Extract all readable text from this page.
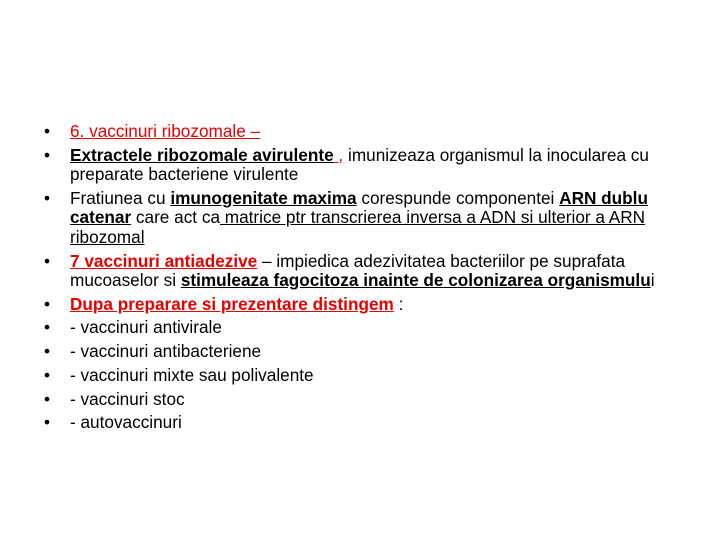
• 6. vaccinuri ribozomale –
• Extractele ribozomale avirulente , imunizeaza organismul la inocularea cu preparate bacteriene virulente
• Fratiunea cu imunogenitate maxima corespunde componentei ARN dublu catenar care act ca matrice ptr transcrierea inversa a ADN si ulterior a ARN ribozomal
• 7 vaccinuri antiadezive – impiedica adezivitatea bacteriilor pe suprafata mucoaselor si stimuleaza fagocitoza inainte de colonizarea organismului
• Dupa preparare si prezentare distingem :
• - vaccinuri antivirale
• - vaccinuri antibacteriene
• - vaccinuri mixte sau polivalente
• - vaccinuri stoc
• - autovaccinuri
